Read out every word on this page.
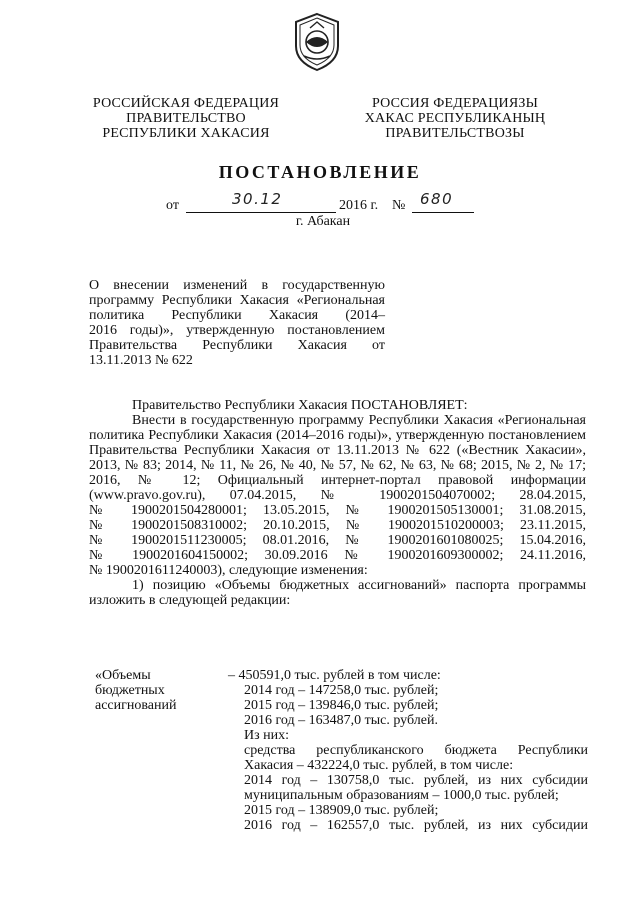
РОССИЙСКАЯ ФЕДЕРАЦИЯ
ПРАВИТЕЛЬСТВО
РЕСПУБЛИКИ ХАКАСИЯ
РОССИЯ ФЕДЕРАЦИЯЗЫ
ХАКАС РЕСПУБЛИКАНЫҢ
ПРАВИТЕЛЬСТВОЗЫ
ПОСТАНОВЛЕНИЕ
от	30.12	2016 г. № 680
г. Абакан
О внесении изменений в государственную
программу Республики Хакасия «Региональная
политика Республики Хакасия (2014–
2016 годы)», утвержденную постановлением
Правительства Республики Хакасия от
13.11.2013 № 622
Правительство Республики Хакасия ПОСТАНОВЛЯЕТ:
Внести в государственную программу Республики Хакасия «Региональная
политика Республики Хакасия (2014–2016 годы)», утвержденную постановлением
Правительства Республики Хакасия от 13.11.2013 № 622 («Вестник Хакасии»,
2013, № 83; 2014, № 11, № 26, № 40, № 57, № 62, № 63, № 68; 2015, № 2, № 17;
2016, № 12; Официальный интернет-портал правовой информации
(www.pravo.gov.ru), 07.04.2015, № 1900201504070002; 28.04.2015,
№ 1900201504280001; 13.05.2015, № 1900201505130001; 31.08.2015,
№ 1900201508310002; 20.10.2015, № 1900201510200003; 23.11.2015,
№ 1900201511230005; 08.01.2016, № 1900201601080025; 15.04.2016,
№ 1900201604150002; 30.09.2016 № 1900201609300002; 24.11.2016,
№ 1900201611240003), следующие изменения:
1) позицию «Объемы бюджетных ассигнований» паспорта программы
изложить в следующей редакции:
«Объемы
бюджетных
ассигнований
– 450591,0 тыс. рублей в том числе:
2014 год – 147258,0 тыс. рублей;
2015 год – 139846,0 тыс. рублей;
2016 год – 163487,0 тыс. рублей.
Из них:
средства республиканского бюджета Республики
Хакасия – 432224,0 тыс. рублей, в том числе:
2014 год – 130758,0 тыс. рублей, из них субсидии
муниципальным образованиям – 1000,0 тыс. рублей;
2015 год – 138909,0 тыс. рублей;
2016 год – 162557,0 тыс. рублей, из них субсидии
